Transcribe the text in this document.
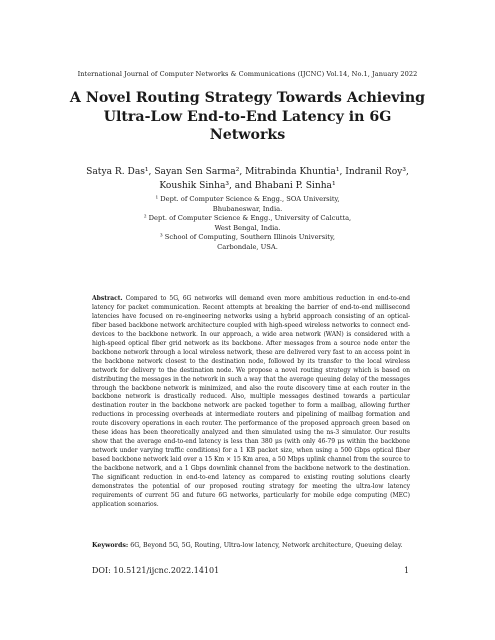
International Journal of Computer Networks & Communications (IJCNC) Vol.14, No.1, January 2022
A Novel Routing Strategy Towards Achieving
Ultra-Low End-to-End Latency in 6G
Networks
Satya R. Das¹, Sayan Sen Sarma², Mitrabinda Khuntia¹, Indranil Roy³,
Koushik Sinha³, and Bhabani P. Sinha¹
¹ Dept. of Computer Science & Engg., SOA University,
Bhubaneswar, India.
² Dept. of Computer Science & Engg., University of Calcutta,
West Bengal, India.
³ School of Computing, Southern Illinois University,
Carbondale, USA.
Abstract. Compared to 5G, 6G networks will demand even more ambitious reduction in end-to-end latency for packet communication. Recent attempts at breaking the barrier of end-to-end millisecond latencies have focused on re-engineering networks using a hybrid approach consisting of an optical-fiber based backbone network architecture coupled with high-speed wireless networks to connect end-devices to the backbone network. In our approach, a wide area network (WAN) is considered with a high-speed optical fiber grid network as its backbone. After messages from a source node enter the backbone network through a local wireless network, these are delivered very fast to an access point in the backbone network closest to the destination node, followed by its transfer to the local wireless network for delivery to the destination node. We propose a novel routing strategy which is based on distributing the messages in the network in such a way that the average queuing delay of the messages through the backbone network is minimized, and also the route discovery time at each router in the backbone network is drastically reduced. Also, multiple messages destined towards a particular destination router in the backbone network are packed together to form a mailbag, allowing further reductions in processing overheads at intermediate routers and pipelining of mailbag formation and route discovery operations in each router. The performance of the proposed approach green based on these ideas has been theoretically analyzed and then simulated using the ns-3 simulator. Our results show that the average end-to-end latency is less than 380 μs (with only 46-79 μs within the backbone network under varying traffic conditions) for a 1 KB packet size, when using a 500 Gbps optical fiber based backbone network laid over a 15 Km × 15 Km area, a 50 Mbps uplink channel from the source to the backbone network, and a 1 Gbps downlink channel from the backbone network to the destination. The significant reduction in end-to-end latency as compared to existing routing solutions clearly demonstrates the potential of our proposed routing strategy for meeting the ultra-low latency requirements of current 5G and future 6G networks, particularly for mobile edge computing (MEC) application scenarios.
Keywords: 6G, Beyond 5G, 5G, Routing, Ultra-low latency, Network architecture, Queuing delay.
DOI: 10.5121/ijcnc.2022.14101	1
